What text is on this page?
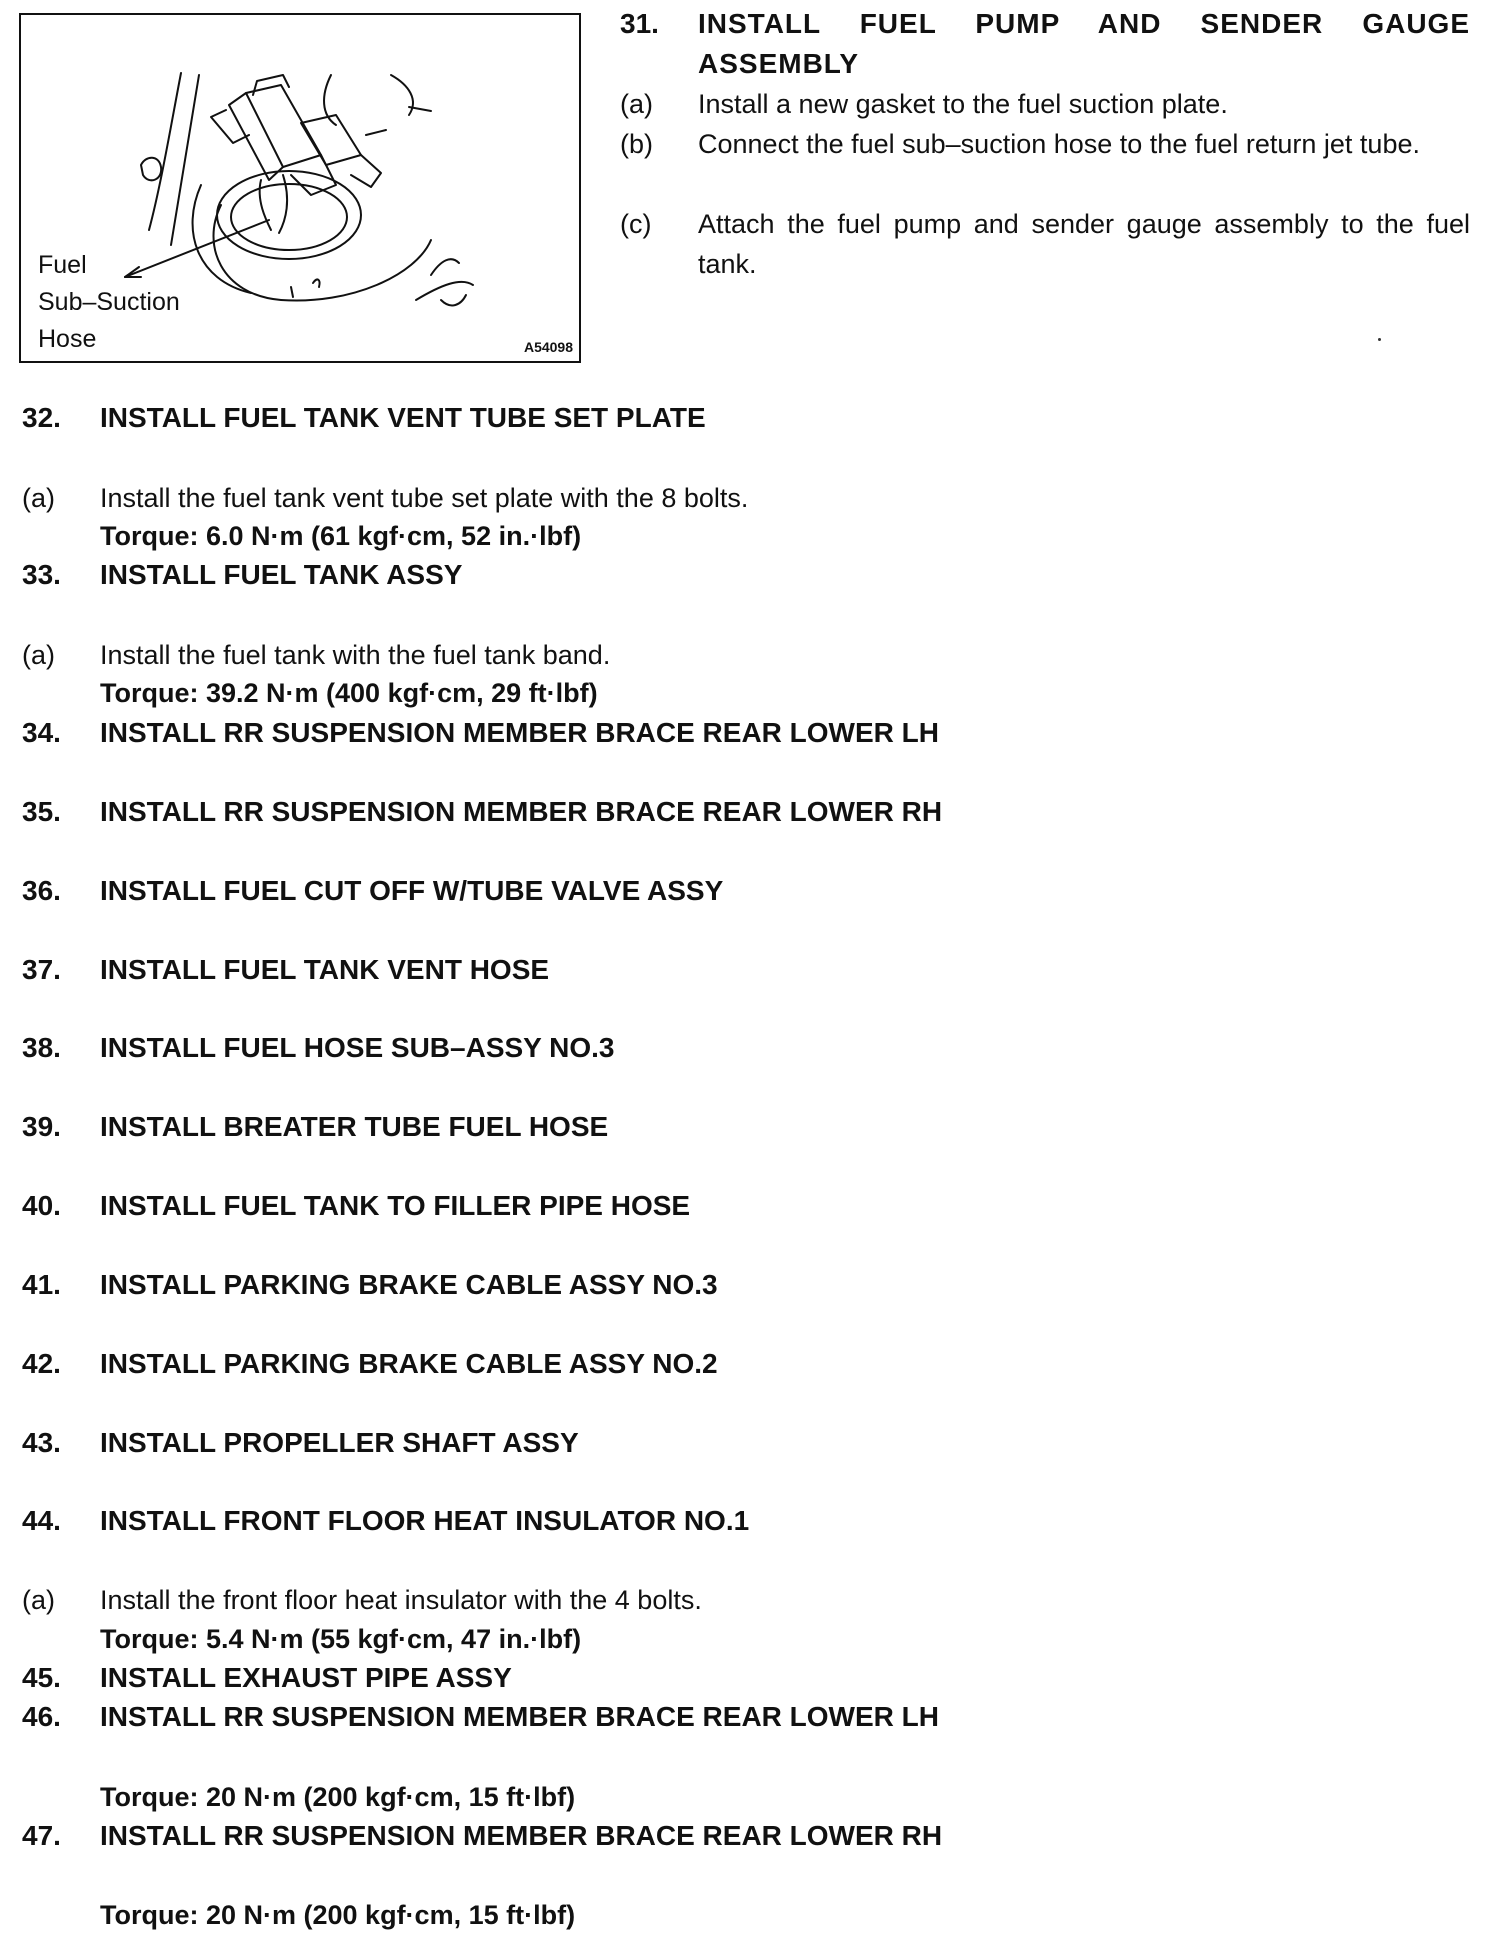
Fuel
Sub–Suction
Hose	A54098
31. INSTALL FUEL PUMP AND SENDER GAUGE ASSEMBLY
(a) Install a new gasket to the fuel suction plate.
(b) Connect the fuel sub–suction hose to the fuel return jet tube.
(c) Attach the fuel pump and sender gauge assembly to the fuel tank.
32. INSTALL FUEL TANK VENT TUBE SET PLATE
(a) Install the fuel tank vent tube set plate with the 8 bolts.
Torque: 6.0 N·m (61 kgf·cm, 52 in.·lbf)
33. INSTALL FUEL TANK ASSY
(a) Install the fuel tank with the fuel tank band.
Torque: 39.2 N·m (400 kgf·cm, 29 ft·lbf)
34. INSTALL RR SUSPENSION MEMBER BRACE REAR LOWER LH
35. INSTALL RR SUSPENSION MEMBER BRACE REAR LOWER RH
36. INSTALL FUEL CUT OFF W/TUBE VALVE ASSY
37. INSTALL FUEL TANK VENT HOSE
38. INSTALL FUEL HOSE SUB–ASSY NO.3
39. INSTALL BREATER TUBE FUEL HOSE
40. INSTALL FUEL TANK TO FILLER PIPE HOSE
41. INSTALL PARKING BRAKE CABLE ASSY NO.3
42. INSTALL PARKING BRAKE CABLE ASSY NO.2
43. INSTALL PROPELLER SHAFT ASSY
44. INSTALL FRONT FLOOR HEAT INSULATOR NO.1
(a) Install the front floor heat insulator with the 4 bolts.
Torque: 5.4 N·m (55 kgf·cm, 47 in.·lbf)
45. INSTALL EXHAUST PIPE ASSY
46. INSTALL RR SUSPENSION MEMBER BRACE REAR LOWER LH
Torque: 20 N·m (200 kgf·cm, 15 ft·lbf)
47. INSTALL RR SUSPENSION MEMBER BRACE REAR LOWER RH
Torque: 20 N·m (200 kgf·cm, 15 ft·lbf)
